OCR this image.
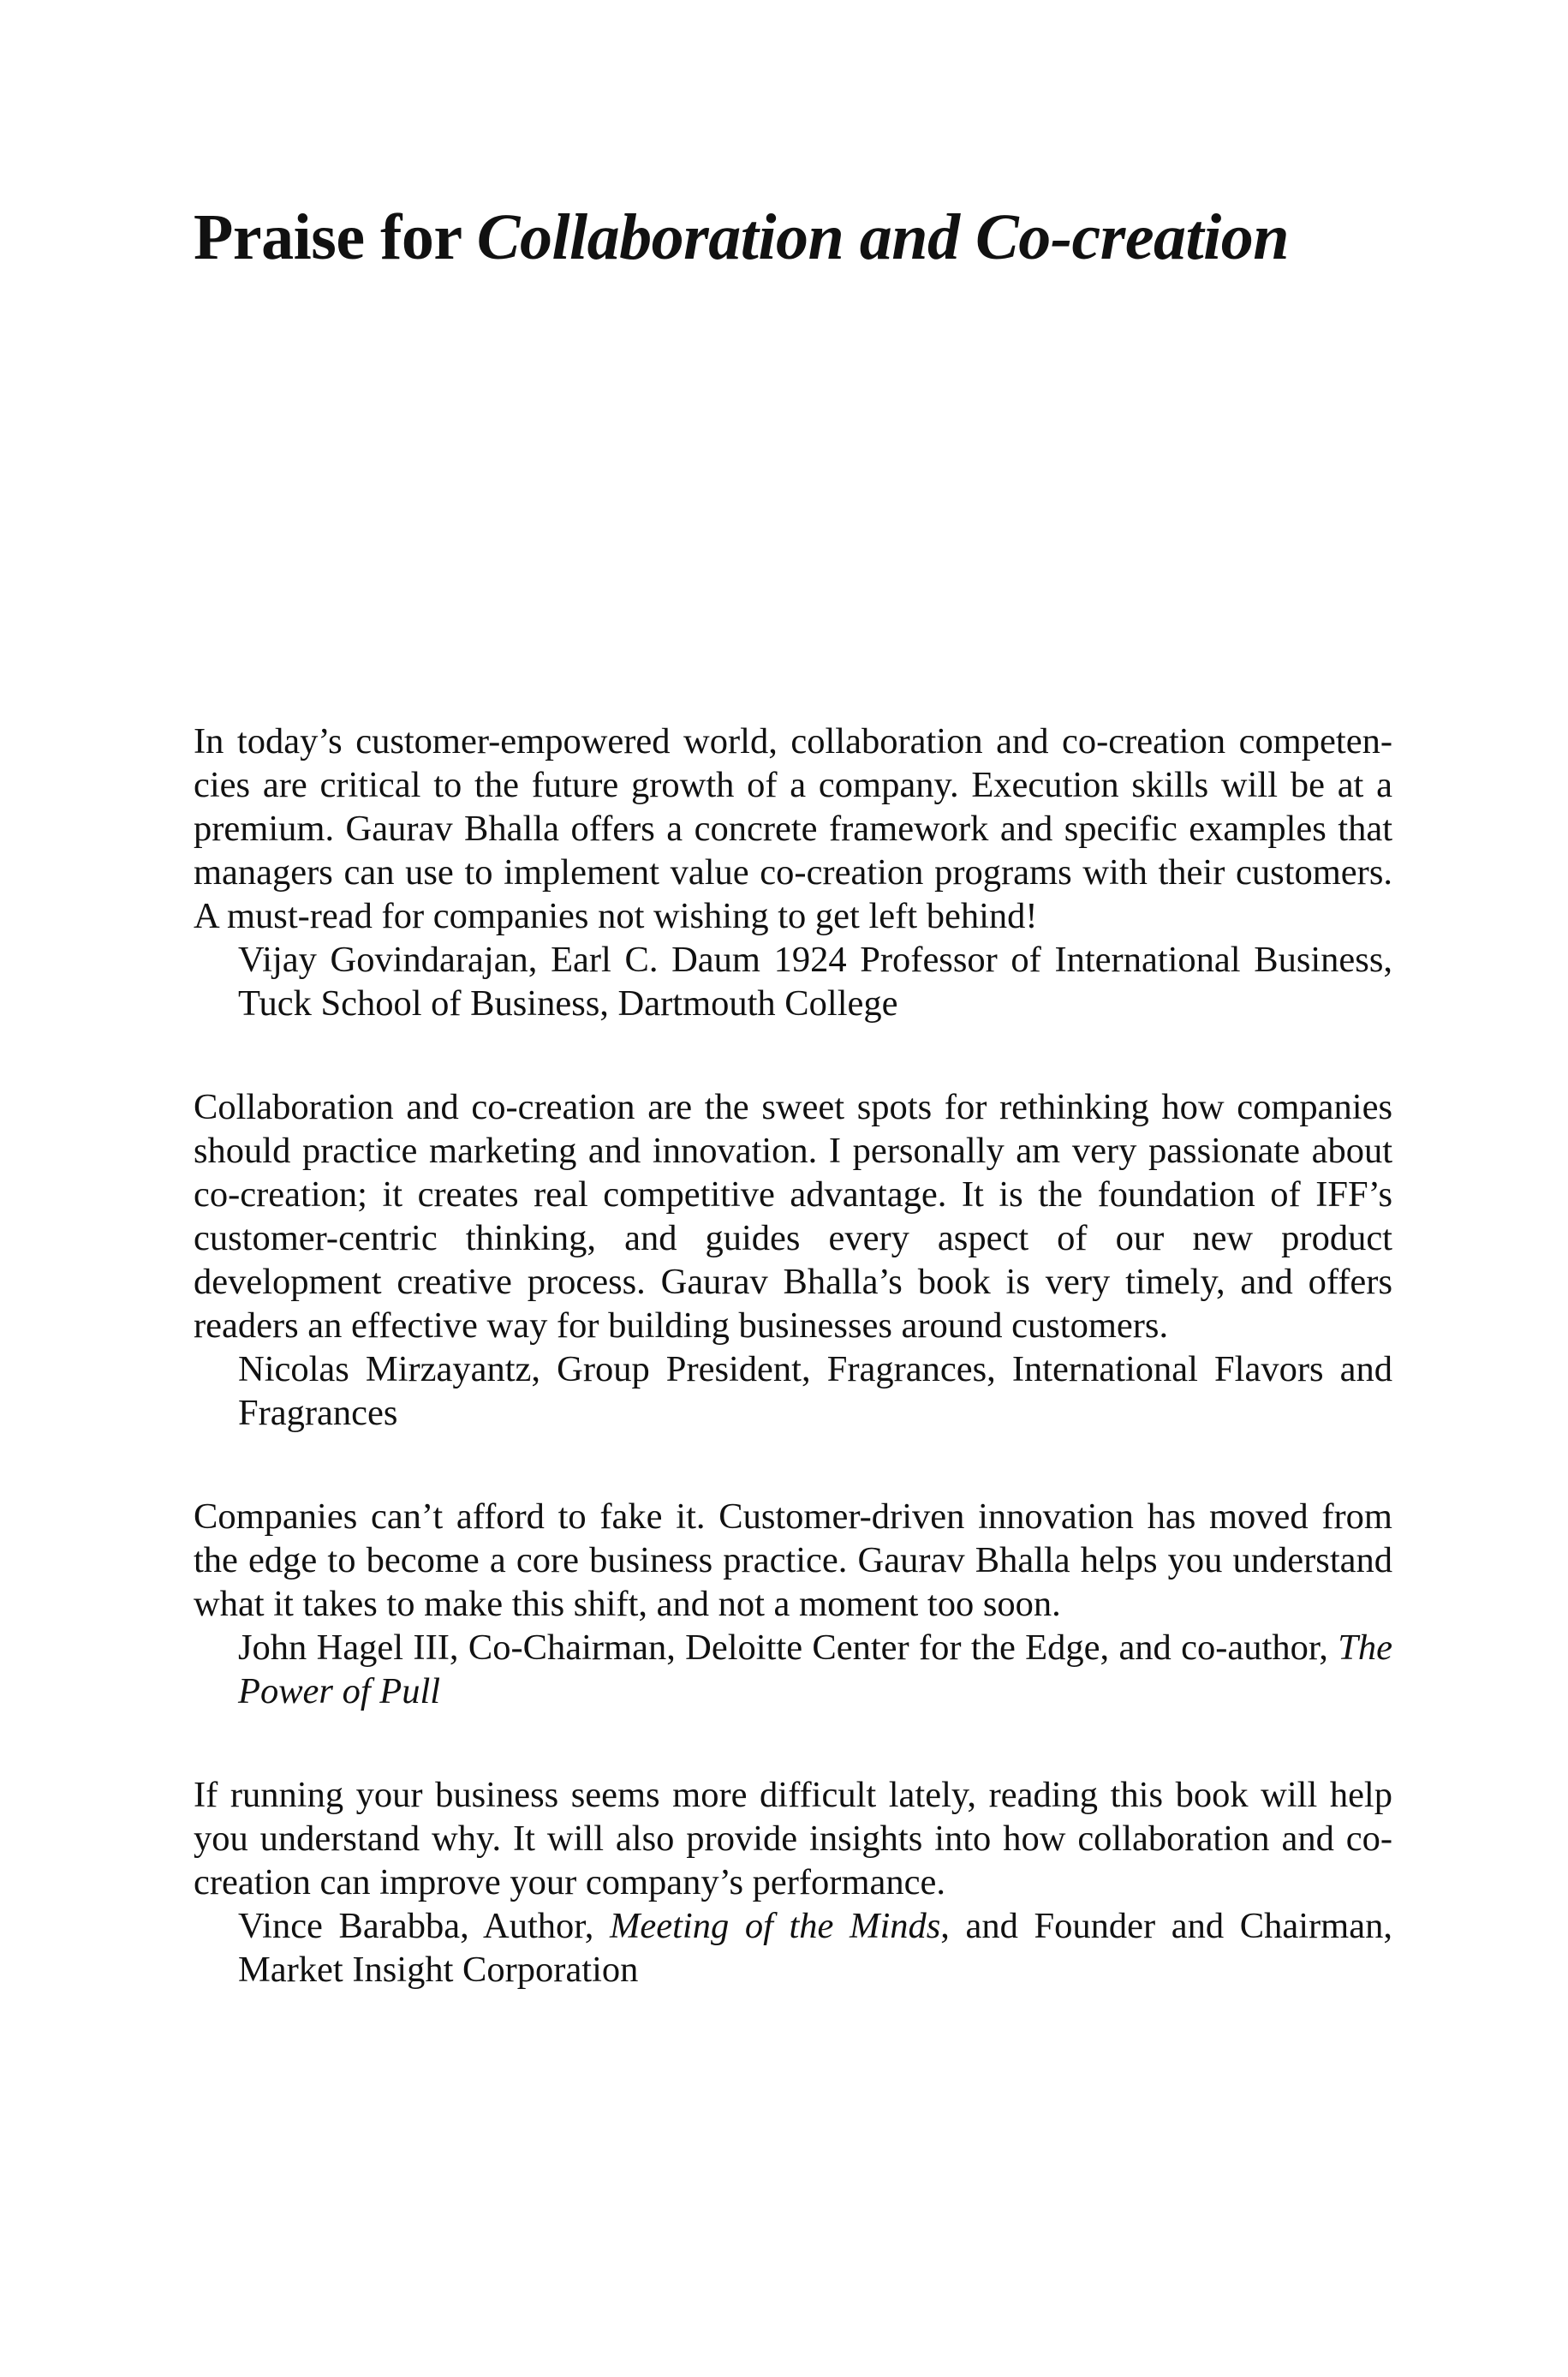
Praise for Collaboration and Co-creation

In today’s customer-empowered world, collaboration and co-creation competencies are critical to the future growth of a company. Execution skills will be at a premium. Gaurav Bhalla offers a concrete framework and specific examples that managers can use to implement value co-creation programs with their customers. A must-read for companies not wishing to get left behind!

Vijay Govindarajan, Earl C. Daum 1924 Professor of International Business, Tuck School of Business, Dartmouth College

Collaboration and co-creation are the sweet spots for rethinking how companies should practice marketing and innovation. I personally am very passionate about co-creation; it creates real competitive advantage. It is the foundation of IFF’s customer-centric thinking, and guides every aspect of our new product development creative process. Gaurav Bhalla’s book is very timely, and offers readers an effective way for building businesses around customers.

Nicolas Mirzayantz, Group President, Fragrances, International Flavors and Fragrances

Companies can’t afford to fake it. Customer-driven innovation has moved from the edge to become a core business practice. Gaurav Bhalla helps you understand what it takes to make this shift, and not a moment too soon.

John Hagel III, Co-Chairman, Deloitte Center for the Edge, and co-author, The Power of Pull

If running your business seems more difficult lately, reading this book will help you understand why. It will also provide insights into how collaboration and co-creation can improve your company’s performance.

Vince Barabba, Author, Meeting of the Minds, and Founder and Chairman, Market Insight Corporation
